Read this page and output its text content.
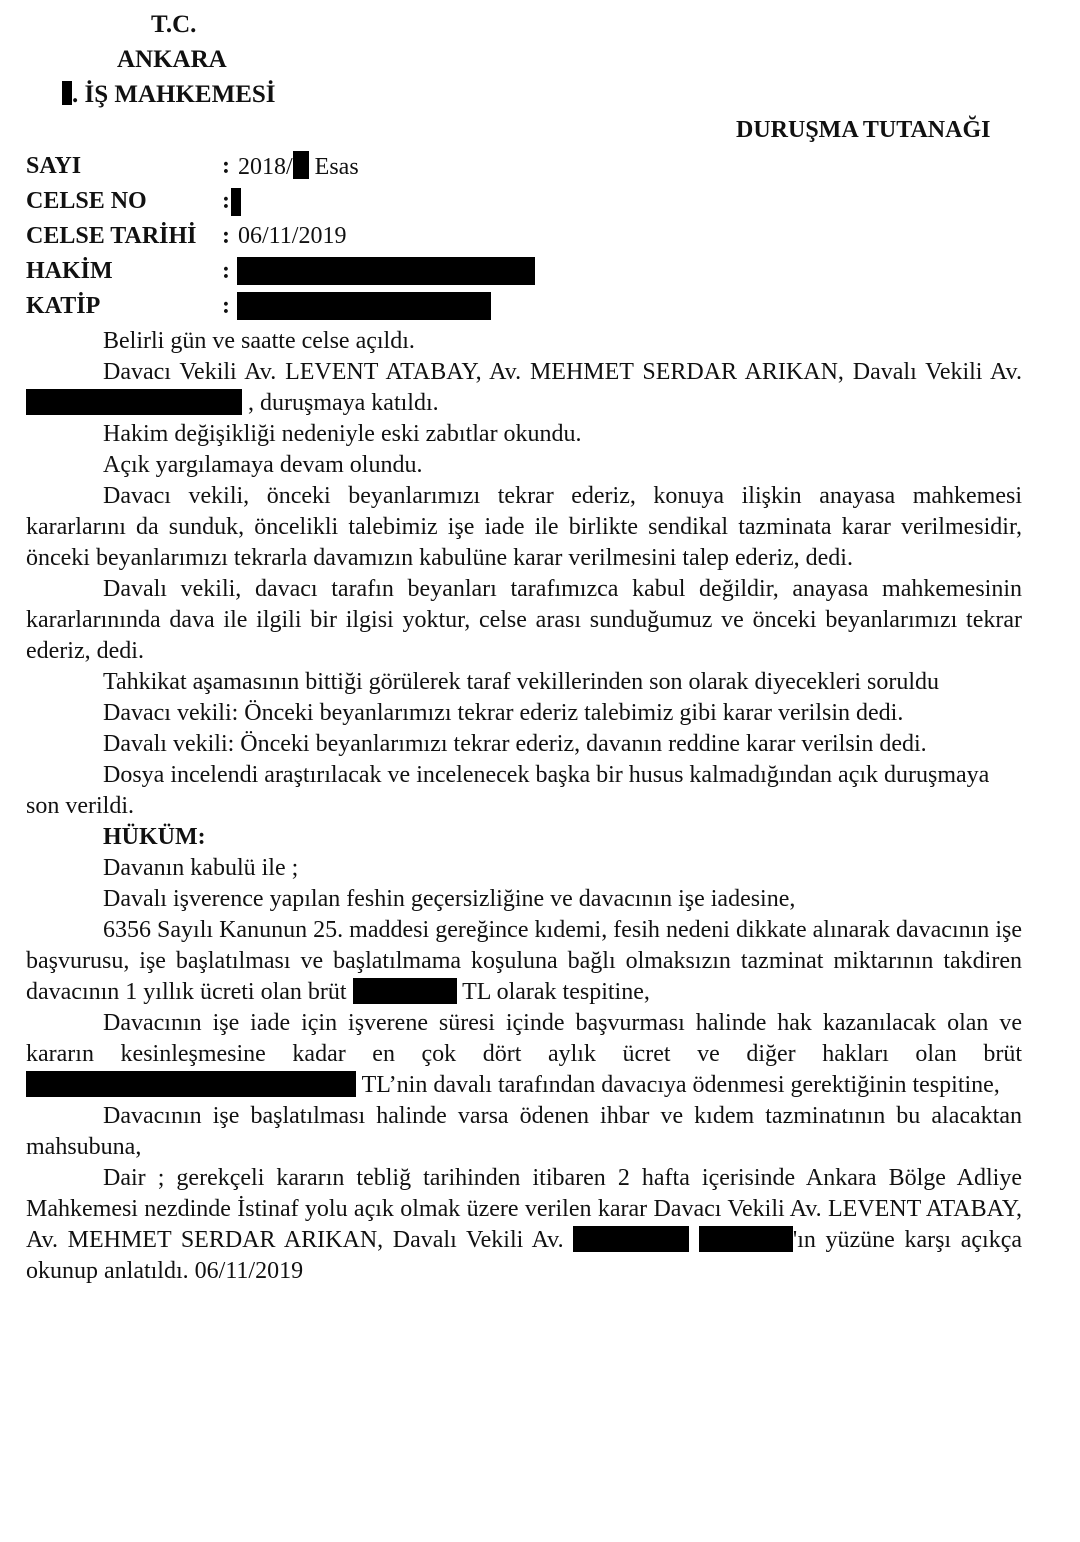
T.C.
ANKARA
. İŞ MAHKEMESİ
DURUŞMA TUTANAĞI
SAYI	: 2018/ Esas
CELSE NO	:
CELSE TARİHİ : 06/11/2019
HAKİM	:
KATİP	:

Belirli gün ve saatte celse açıldı.

Davacı Vekili Av. LEVENT ATABAY, Av. MEHMET SERDAR ARIKAN, Davalı Vekili Av.  , duruşmaya katıldı.

Hakim değişikliği nedeniyle eski zabıtlar okundu.

Açık yargılamaya devam olundu.

Davacı vekili, önceki beyanlarımızı tekrar ederiz, konuya ilişkin anayasa mahkemesi kararlarını da sunduk, öncelikli talebimiz işe iade ile birlikte sendikal tazminata karar verilmesidir, önceki beyanlarımızı tekrarla davamızın kabulüne karar verilmesini talep ederiz, dedi.

Davalı vekili, davacı tarafın beyanları tarafımızca kabul değildir, anayasa mahkemesinin kararlarınında dava ile ilgili bir ilgisi yoktur, celse arası sunduğumuz ve önceki beyanlarımızı tekrar ederiz, dedi.

Tahkikat aşamasının bittiği görülerek taraf vekillerinden son olarak diyecekleri soruldu

Davacı vekili: Önceki beyanlarımızı tekrar ederiz talebimiz gibi karar verilsin dedi.

Davalı vekili: Önceki beyanlarımızı tekrar ederiz, davanın reddine karar verilsin dedi.

Dosya incelendi araştırılacak ve incelenecek başka bir husus kalmadığından açık duruşmaya son verildi.

HÜKÜM:

Davanın kabulü ile ;

Davalı işverence yapılan feshin geçersizliğine ve davacının işe iadesine,

6356 Sayılı Kanunun 25. maddesi gereğince kıdemi, fesih nedeni dikkate alınarak davacının işe başvurusu, işe başlatılması ve başlatılmama koşuluna bağlı olmaksızın tazminat miktarının takdiren davacının 1 yıllık ücreti olan brüt	TL olarak tespitine,

Davacının işe iade için işverene süresi içinde başvurması halinde hak kazanılacak olan ve kararın kesinleşmesine kadar en çok dört aylık ücret ve diğer hakları olan brüt  TL’nin davalı tarafından davacıya ödenmesi gerektiğinin tespitine,

Davacının işe başlatılması halinde varsa ödenen ihbar ve kıdem tazminatının bu alacaktan mahsubuna,

Dair ; gerekçeli kararın tebliğ tarihinden itibaren 2 hafta içerisinde Ankara Bölge Adliye Mahkemesi nezdinde İstinaf yolu açık olmak üzere verilen karar Davacı Vekili Av. LEVENT ATABAY, Av. MEHMET SERDAR ARIKAN, Davalı Vekili Av.	'ın yüzüne karşı açıkça okunup anlatıldı. 06/11/2019
